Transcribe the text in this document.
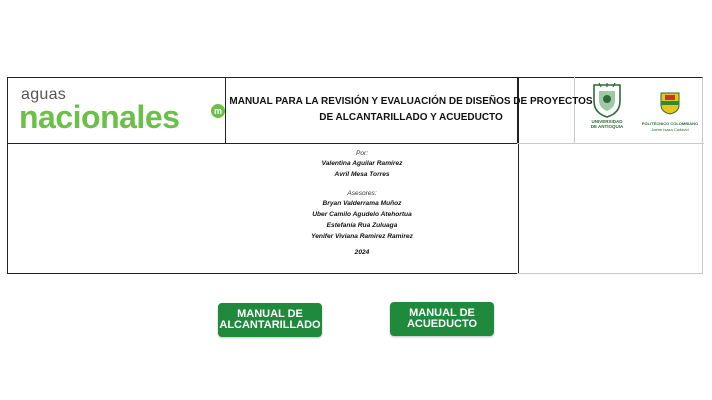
aguas
nacionales	m
MANUAL PARA LA REVISIÓN Y EVALUACIÓN DE DISEÑOS DE PROYECTOS
DE ALCANTARILLADO Y ACUEDUCTO	UNIVERSIDAD
DE ANTIOQUIA
POLITÉCNICO COLOMBIANO
Jaime Isaza Cadavid
Por:
Valentina Aguilar Ramírez
Avril Mesa Torres
Asesores:
Bryan Valderrama Muñoz
Uber Camilo Agudelo Atehortua
Estefanía Rua Zuluaga
Yenifer Viviana Ramirez Ramirez
2024
MANUAL DE
ALCANTARILLADO
MANUAL DE
ACUEDUCTO
